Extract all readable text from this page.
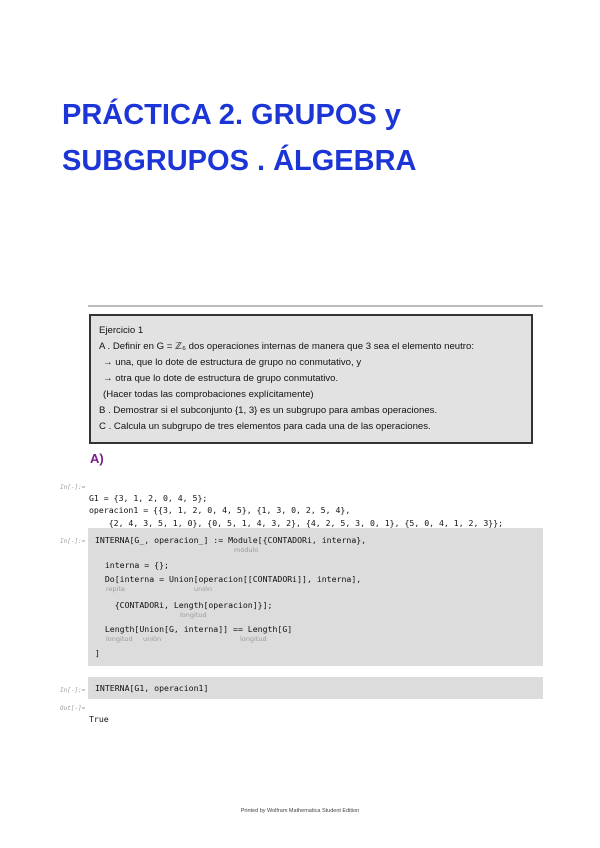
PRÁCTICA 2. GRUPOS y
SUBGRUPOS . ÁLGEBRA
Ejercicio 1
A . Definir en G = ℤ₆ dos operaciones internas de manera que 3 sea el elemento neutro:
→ una, que lo dote de estructura de grupo no conmutativo, y
→ otra que lo dote de estructura de grupo conmutativo.
(Hacer todas las comprobaciones explícitamente)
B . Demostrar si el subconjunto {1, 3} es un subgrupo para ambas operaciones.
C . Calcula un subgrupo de tres elementos para cada una de las operaciones.
A)
In[-]:=

G1 = {3, 1, 2, 0, 4, 5};
operacion1 = {{3, 1, 2, 0, 4, 5}, {1, 3, 0, 2, 5, 4},
{2, 4, 3, 5, 1, 0}, {0, 5, 1, 4, 3, 2}, {4, 2, 5, 3, 0, 1}, {5, 0, 4, 1, 2, 3}};
In[-]:= INTERNA[G_, operacion_] := Module[{CONTADORi, interna},
módulo
interna = {};
Do[interna = Union[operacion[[CONTADORi]], interna],
repite	unión
{CONTADORi, Length[operacion]}];
longitud
Length[Union[G, interna]] == Length[G]
longitud unión	longitud
]
In[-]:= INTERNA[G1, operacion1]
Out[-]=
True
Printed by Wolfram Mathematica Student Edition
